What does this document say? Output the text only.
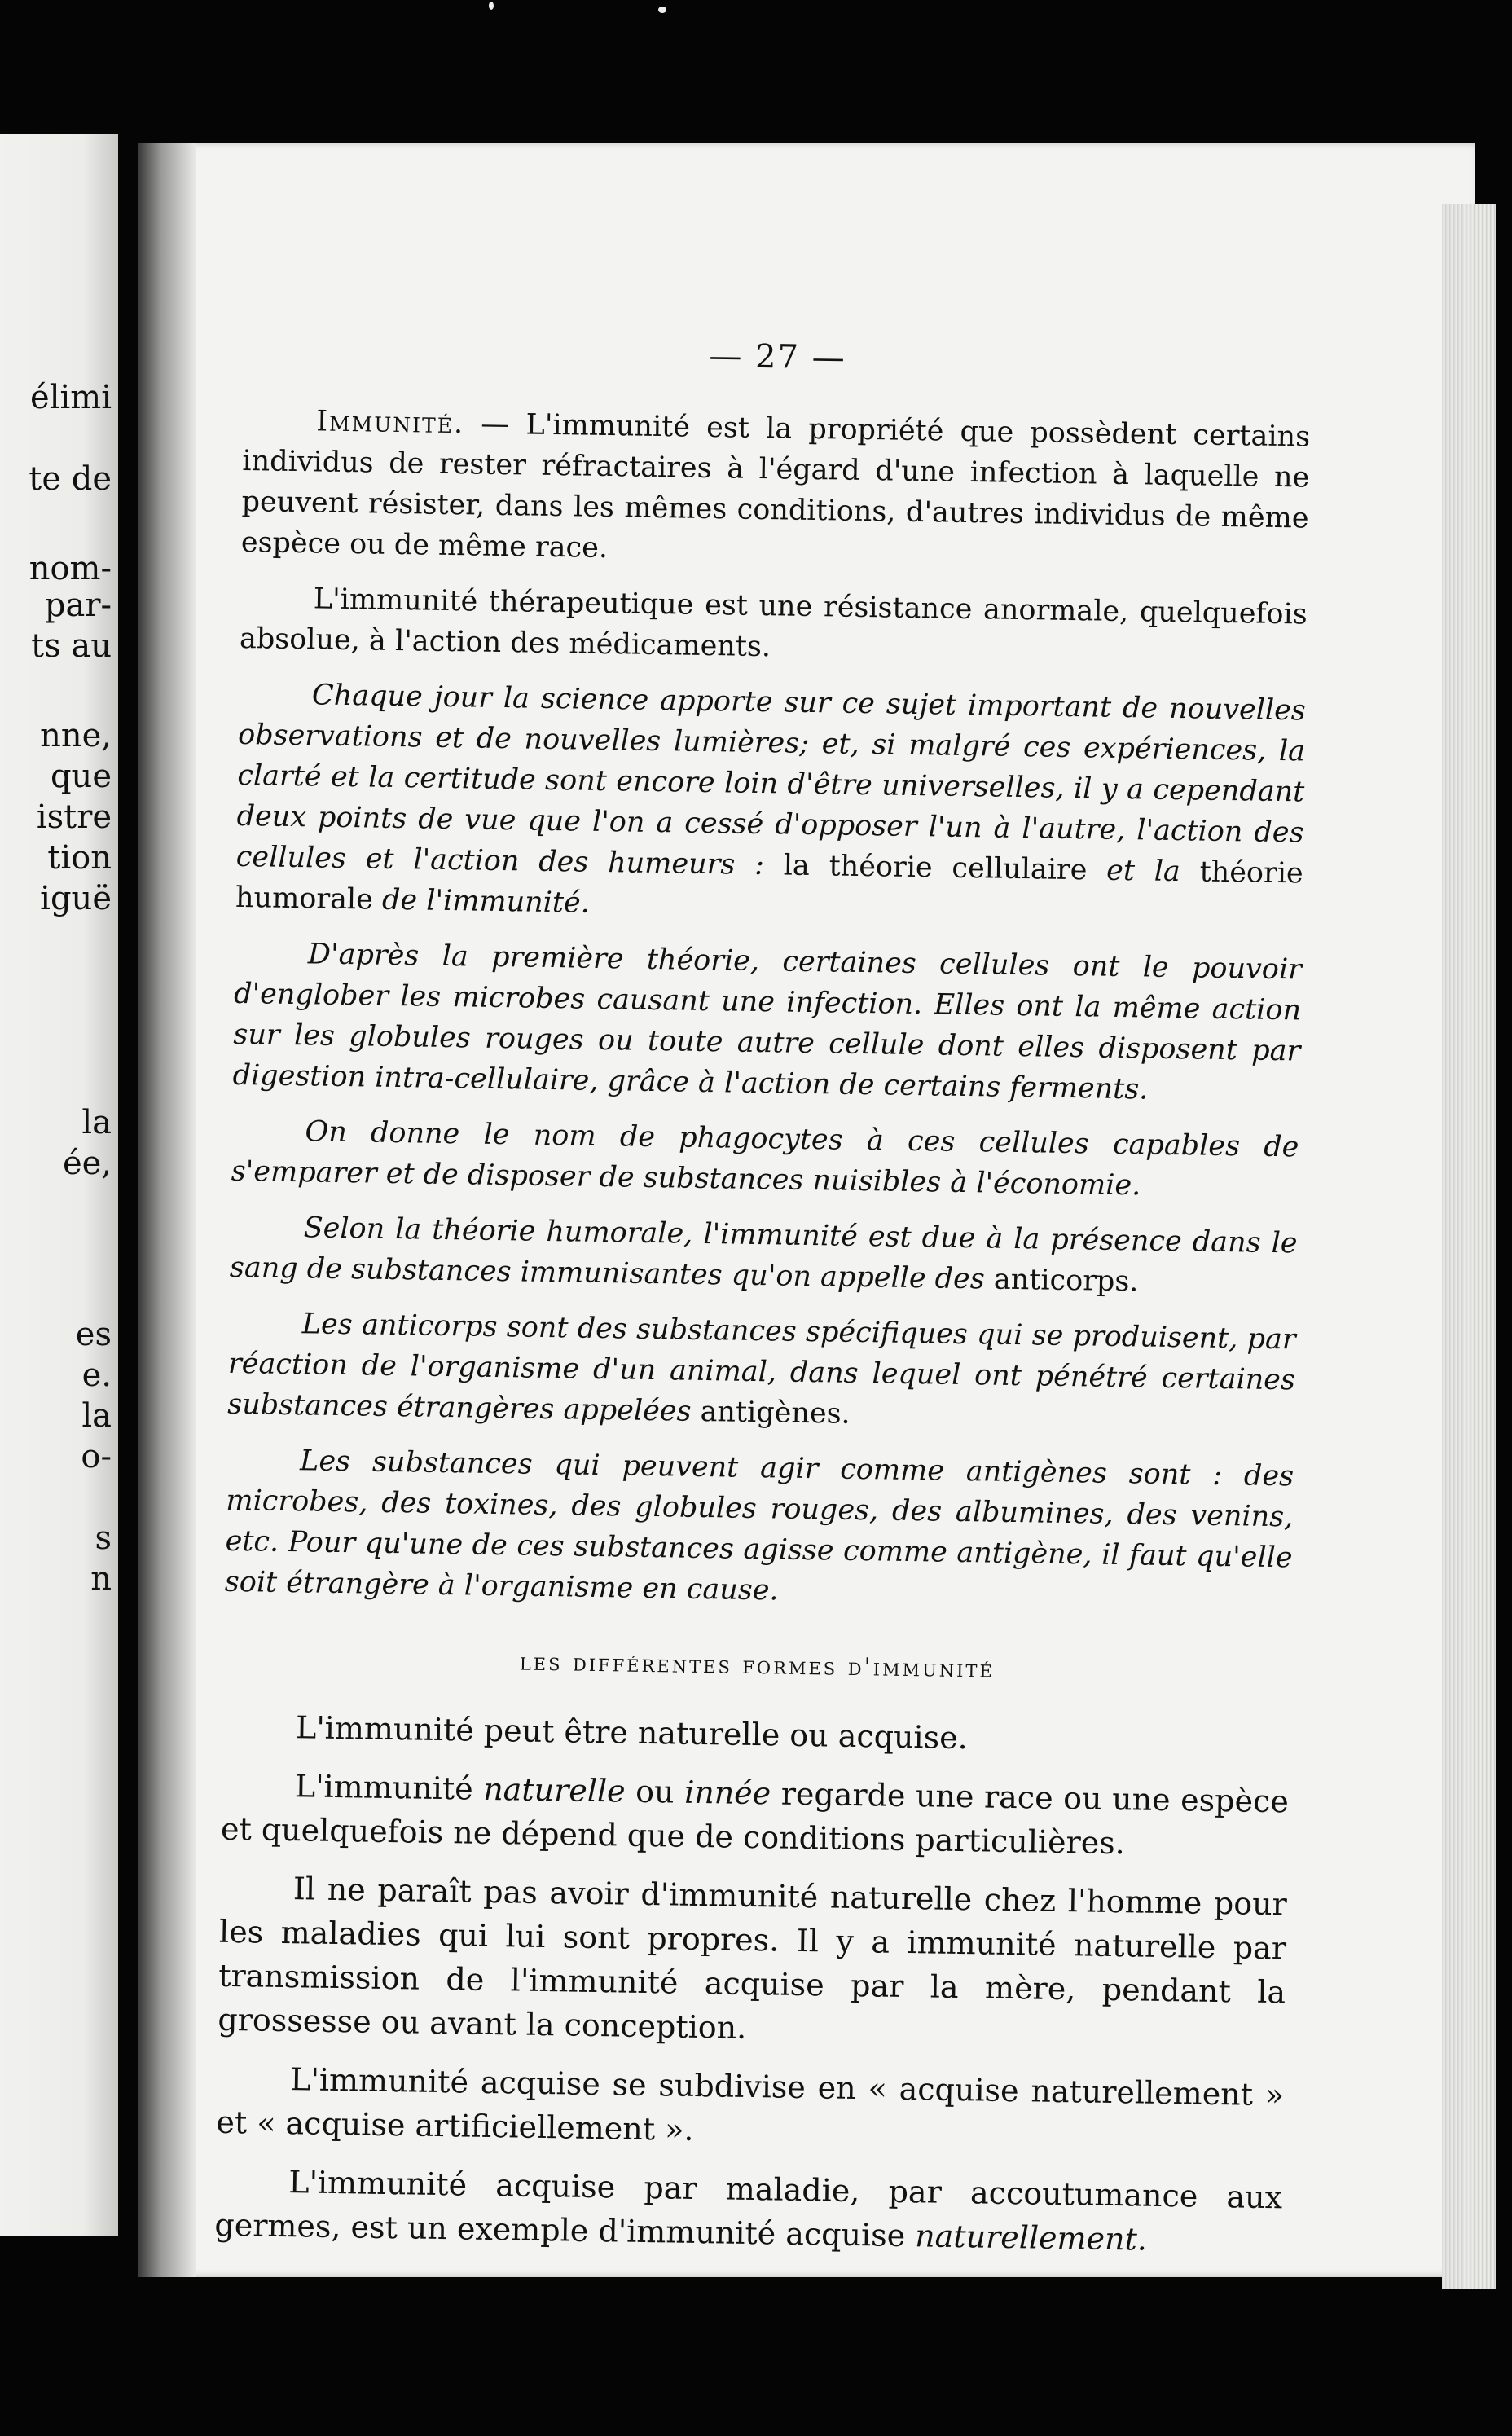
élimi
te de
nom-
par-
ts au
nne,
que
istre
tion
iguë
la
ée,
es
e.
la
o-
s
n
— 27 —

Immunité. — L'immunité est la propriété que possèdent certains individus de rester réfractaires à l'égard d'une infection à laquelle ne peuvent résister, dans les mêmes conditions, d'autres individus de même espèce ou de même race.

L'immunité thérapeutique est une résistance anormale, quelquefois absolue, à l'action des médicaments.

Chaque jour la science apporte sur ce sujet important de nouvelles observations et de nouvelles lumières; et, si malgré ces expériences, la clarté et la certitude sont encore loin d'être universelles, il y a cependant deux points de vue que l'on a cessé d'opposer l'un à l'autre, l'action des cellules et l'action des humeurs : la théorie cellulaire et la théorie humorale de l'immunité.

D'après la première théorie, certaines cellules ont le pouvoir d'englober les microbes causant une infection. Elles ont la même action sur les globules rouges ou toute autre cellule dont elles disposent par digestion intra-cellulaire, grâce à l'action de certains ferments.

On donne le nom de phagocytes à ces cellules capables de s'emparer et de disposer de substances nuisibles à l'économie.

Selon la théorie humorale, l'immunité est due à la présence dans le sang de substances immunisantes qu'on appelle des anticorps.

Les anticorps sont des substances spécifiques qui se produisent, par réaction de l'organisme d'un animal, dans lequel ont pénétré certaines substances étrangères appelées antigènes.

Les substances qui peuvent agir comme antigènes sont : des microbes, des toxines, des globules rouges, des albumines, des venins, etc. Pour qu'une de ces substances agisse comme antigène, il faut qu'elle soit étrangère à l'organisme en cause.

les différentes formes d'immunité

L'immunité peut être naturelle ou acquise.

L'immunité naturelle ou innée regarde une race ou une espèce et quelquefois ne dépend que de conditions particulières.

Il ne paraît pas avoir d'immunité naturelle chez l'homme pour les maladies qui lui sont propres. Il y a immunité naturelle par transmission de l'immunité acquise par la mère, pendant la grossesse ou avant la conception.

L'immunité acquise se subdivise en « acquise naturellement » et « acquise artificiellement ».

L'immunité acquise par maladie, par accoutumance aux germes, est un exemple d'immunité acquise naturellement.
